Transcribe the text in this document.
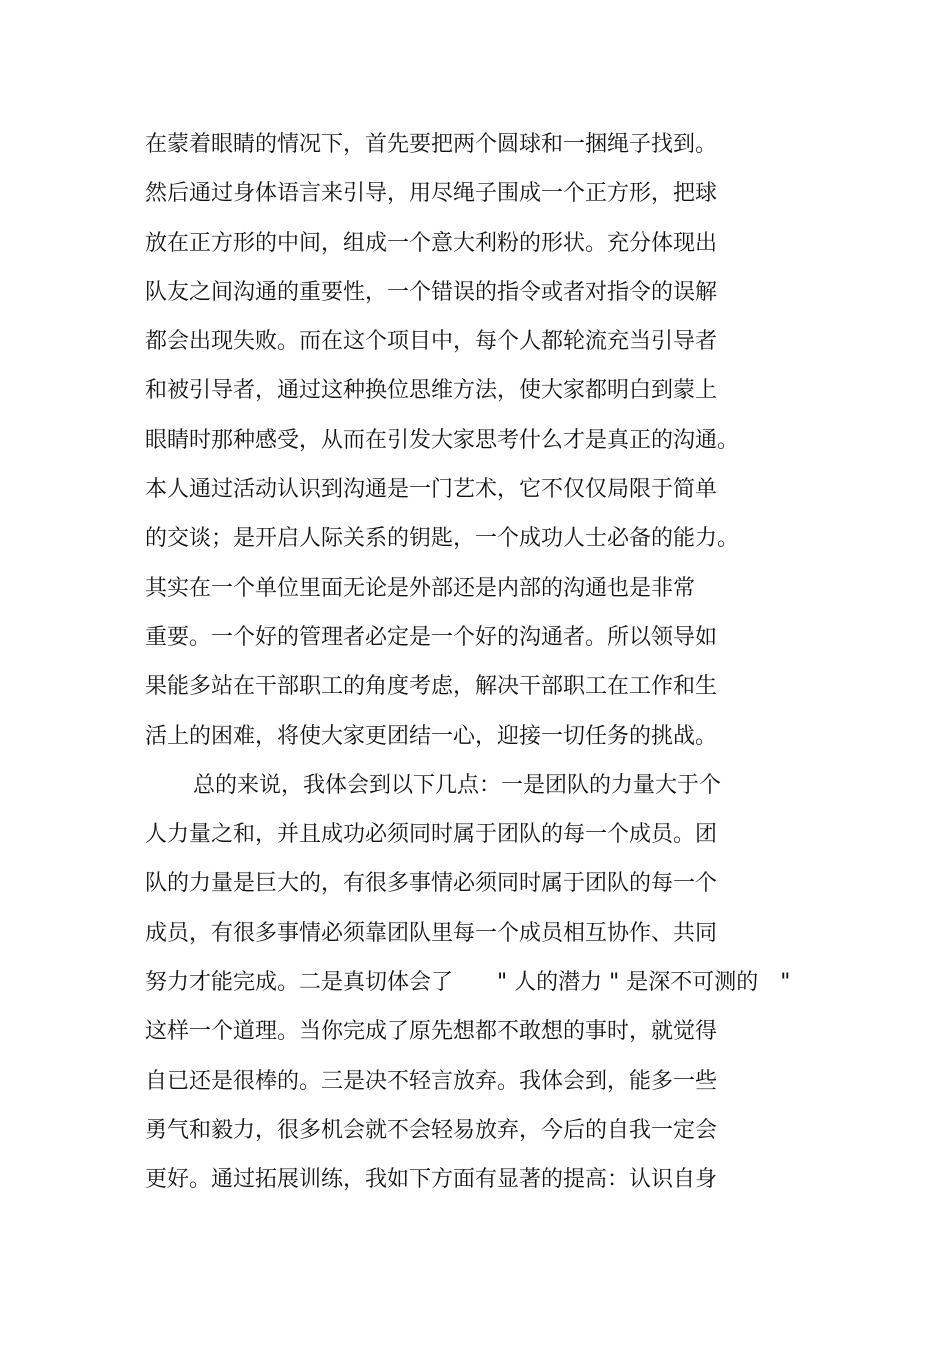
在蒙着眼睛的情况下，首先要把两个圆球和一捆绳子找到。
然后通过身体语言来引导，用尽绳子围成一个正方形，把球
放在正方形的中间，组成一个意大利粉的形状。充分体现出
队友之间沟通的重要性，一个错误的指令或者对指令的误解
都会出现失败。而在这个项目中，每个人都轮流充当引导者
和被引导者，通过这种换位思维方法，使大家都明白到蒙上
眼睛时那种感受，从而在引发大家思考什么才是真正的沟通。
本人通过活动认识到沟通是一门艺术，它不仅仅局限于简单
的交谈；是开启人际关系的钥匙，一个成功人士必备的能力。
其实在一个单位里面无论是外部还是内部的沟通也是非常
重要。一个好的管理者必定是一个好的沟通者。所以领导如
果能多站在干部职工的角度考虑，解决干部职工在工作和生
活上的困难，将使大家更团结一心，迎接一切任务的挑战。
总的来说，我体会到以下几点：一是团队的力量大于个
人力量之和，并且成功必须同时属于团队的每一个成员。团
队的力量是巨大的，有很多事情必须同时属于团队的每一个
成员，有很多事情必须靠团队里每一个成员相互协作、共同
努力才能完成。二是真切体会了　　" 人的潜力 " 是深不可测的　"
这样一个道理。当你完成了原先想都不敢想的事时，就觉得
自已还是很棒的。三是决不轻言放弃。我体会到，能多一些
勇气和毅力，很多机会就不会轻易放弃，今后的自我一定会
更好。通过拓展训练，我如下方面有显著的提高：认识自身
